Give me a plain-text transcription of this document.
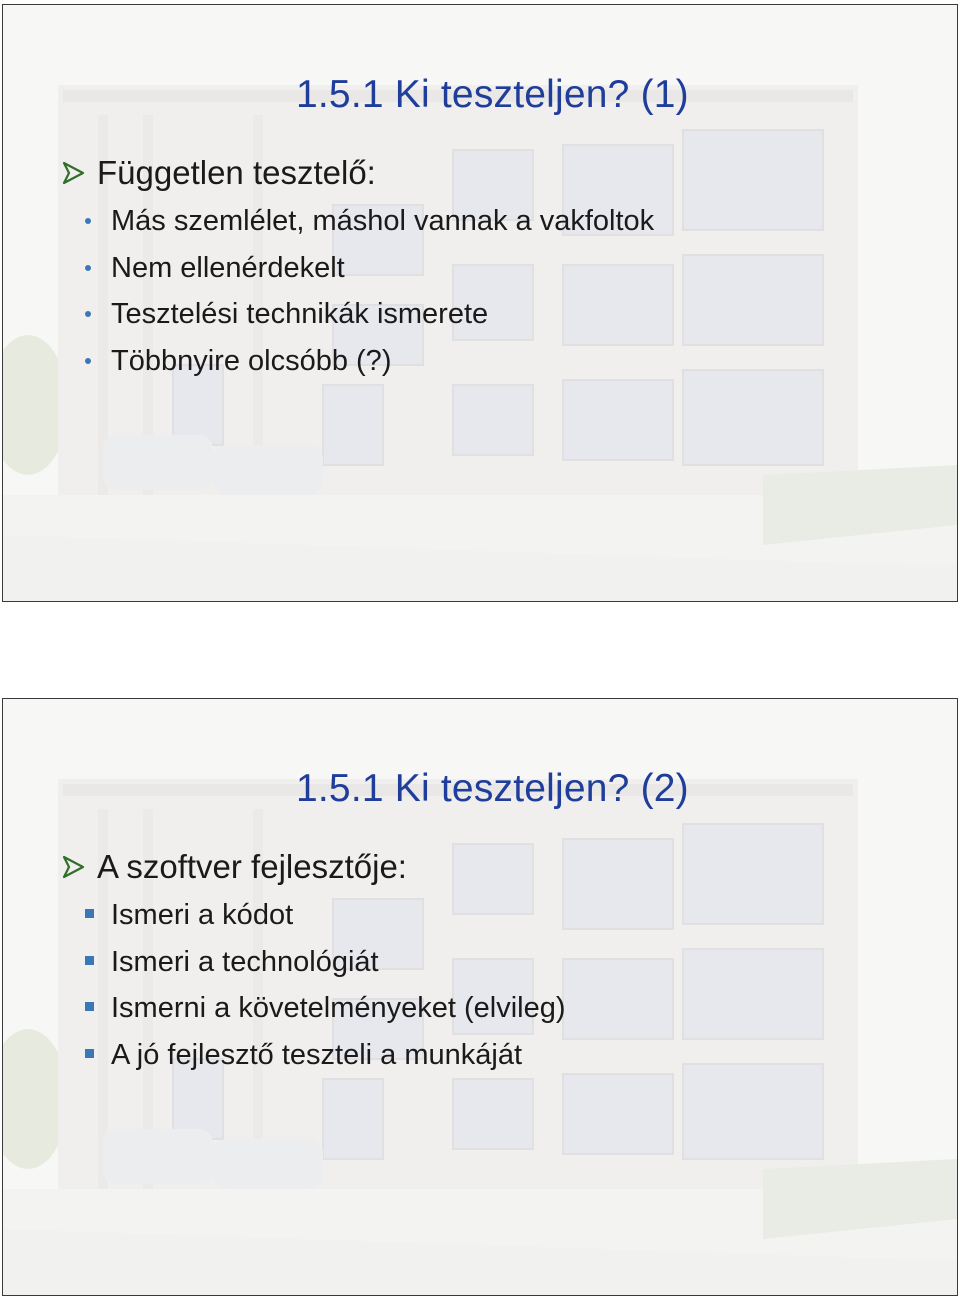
1.5.1 Ki teszteljen? (1)
Független tesztelő:
Más szemlélet, máshol vannak a vakfoltok
Nem ellenérdekelt
Tesztelési technikák ismerete
Többnyire olcsóbb (?)
1.5.1 Ki teszteljen? (2)
A szoftver fejlesztője:
Ismeri a kódot
Ismeri a technológiát
Ismerni a követelményeket (elvileg)
A jó fejlesztő teszteli a munkáját
